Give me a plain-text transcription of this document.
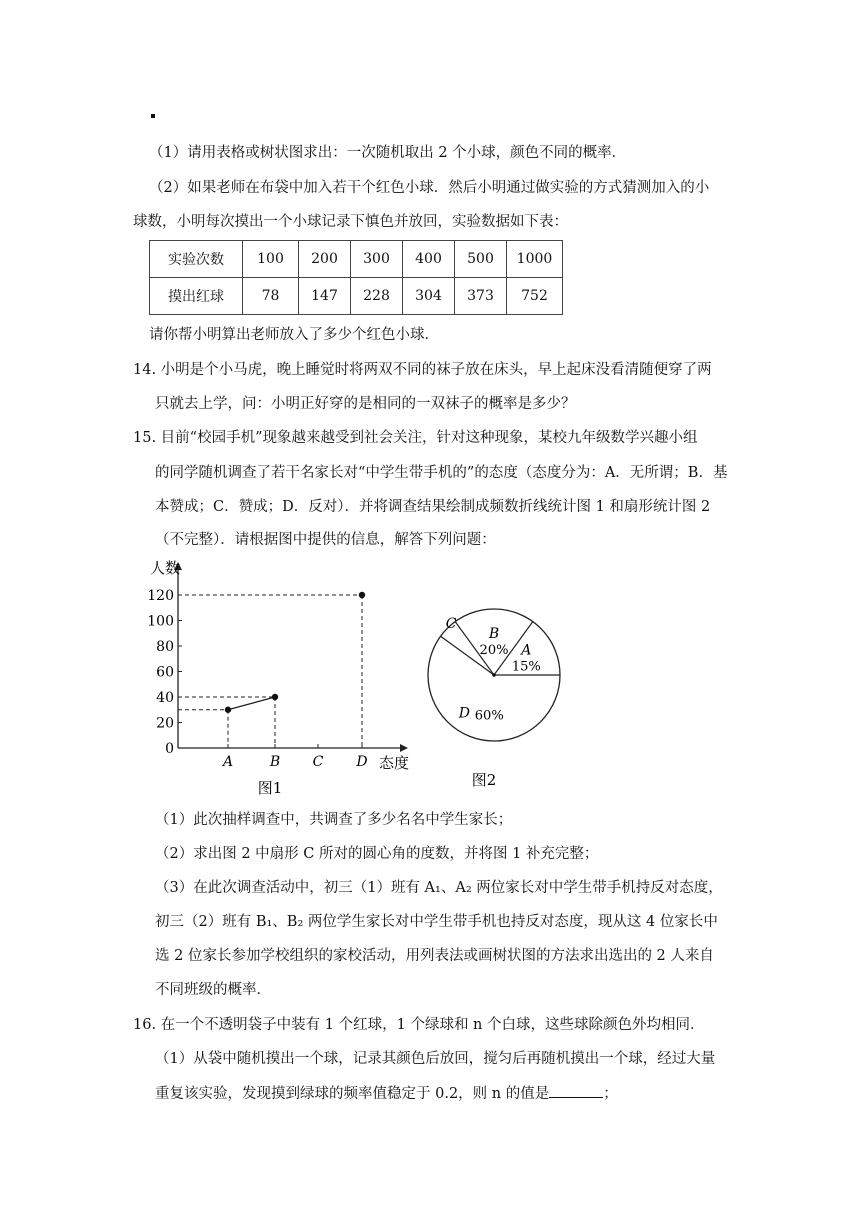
（1）请用表格或树状图求出：一次随机取出 2 个小球，颜色不同的概率．
（2）如果老师在布袋中加入若干个红色小球．然后小明通过做实验的方式猜测加入的小
球数，小明每次摸出一个小球记录下慎色并放回，实验数据如下表：
实验次数	100	200	300	400	500	1000
摸出红球	78	147	228	304	373	752
请你帮小明算出老师放入了多少个红色小球．
14. 小明是个小马虎，晚上睡觉时将两双不同的袜子放在床头，早上起床没看清随便穿了两
只就去上学，问：小明正好穿的是相同的一双袜子的概率是多少？
15. 目前“校园手机”现象越来越受到社会关注，针对这种现象，某校九年级数学兴趣小组
的同学随机调查了若干名家长对“中学生带手机的”的态度（态度分为：A．无所谓；B．基
本赞成；C．赞成；D．反对）．并将调查结果绘制成频数折线统计图 1 和扇形统计图 2
（不完整）．请根据图中提供的信息，解答下列问题：
人数
态度
0
20
40
60
80
100
120
A	B C D
图1
A
15%
B
20%
C
D 60%
图2
（1）此次抽样调查中，共调查了多少名名中学生家长；
（2）求出图 2 中扇形 C 所对的圆心角的度数，并将图 1 补充完整；
（3）在此次调查活动中，初三（1）班有 A₁、A₂ 两位家长对中学生带手机持反对态度，
初三（2）班有 B₁、B₂ 两位学生家长对中学生带手机也持反对态度，现从这 4 位家长中
选 2 位家长参加学校组织的家校活动，用列表法或画树状图的方法求出选出的 2 人来自
不同班级的概率．
16. 在一个不透明袋子中装有 1 个红球，1 个绿球和 n 个白球，这些球除颜色外均相同．
（1）从袋中随机摸出一个球，记录其颜色后放回，搅匀后再随机摸出一个球，经过大量
重复该实验，发现摸到绿球的频率值稳定于 0.2，则 n 的值是	；
